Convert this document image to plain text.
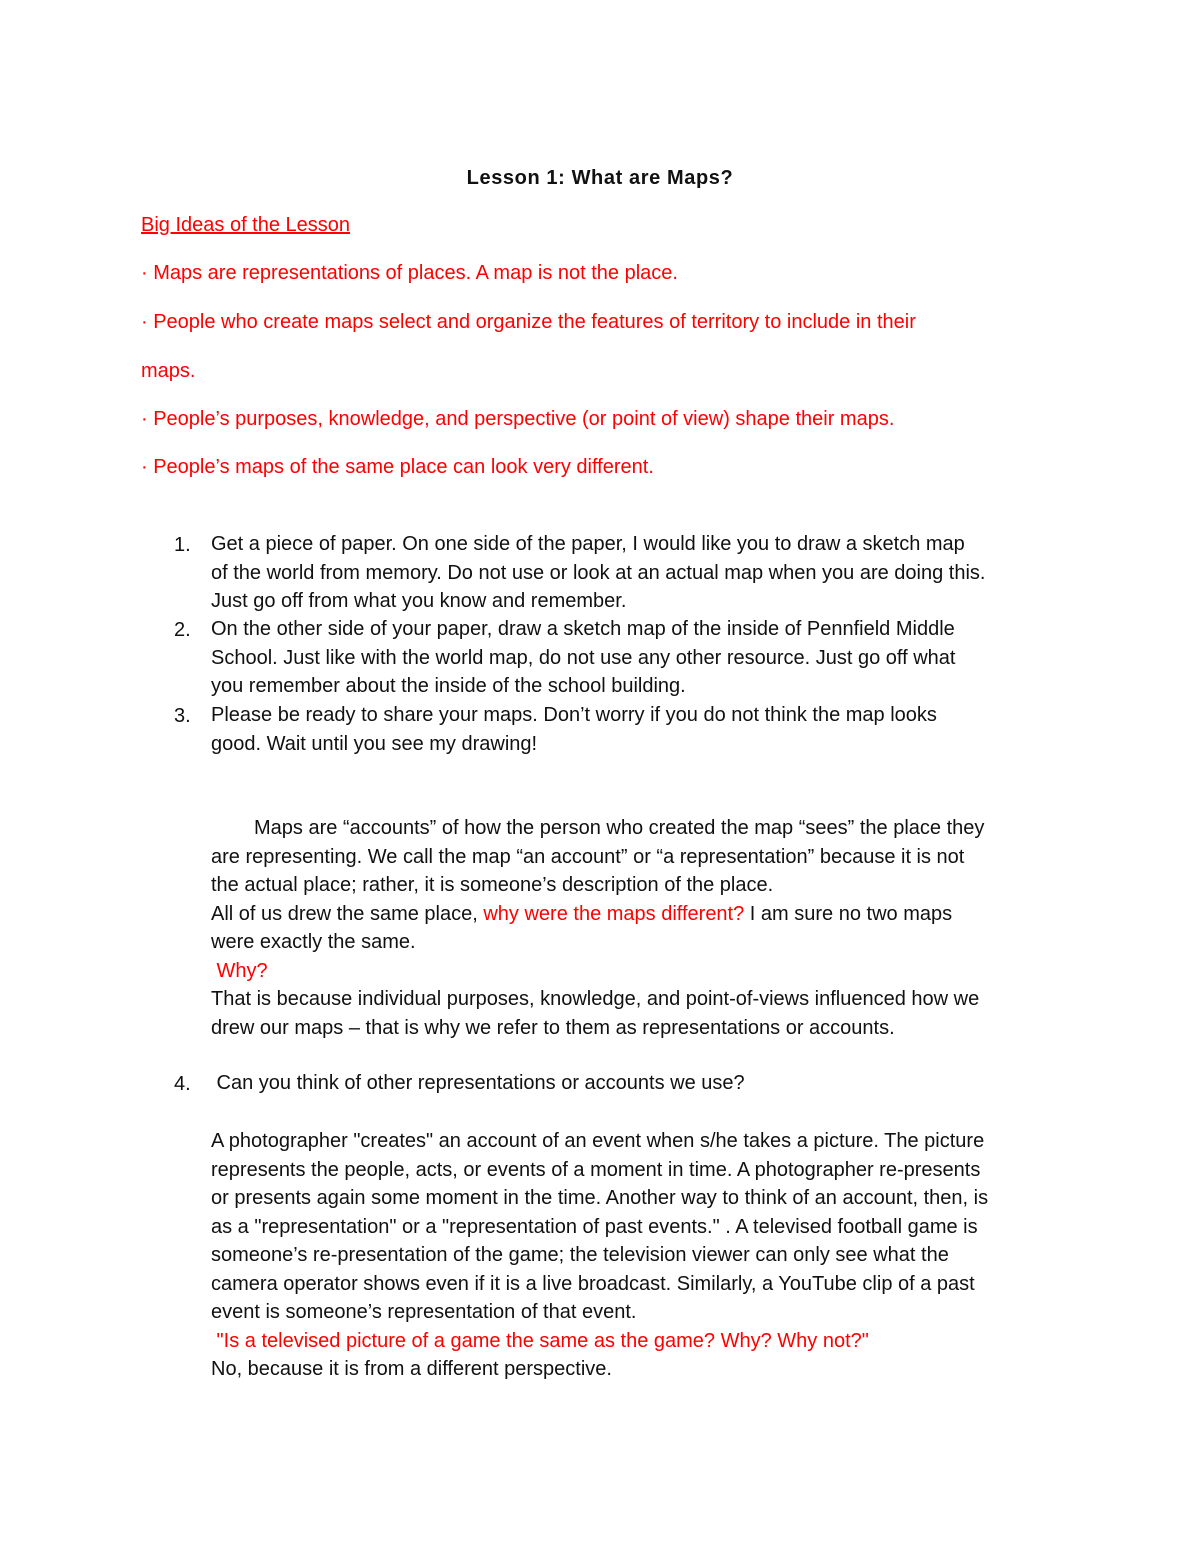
Lesson 1: What are Maps?
Big Ideas of the Lesson
· Maps are representations of places. A map is not the place.
· People who create maps select and organize the features of territory to include in their
maps.
· People’s purposes, knowledge, and perspective (or point of view) shape their maps.
· People’s maps of the same place can look very different.
1. Get a piece of paper. On one side of the paper, I would like you to draw a sketch map

of the world from memory. Do not use or look at an actual map when you are doing this.

Just go off from what you know and remember.

2. On the other side of your paper, draw a sketch map of the inside of Pennfield Middle

School. Just like with the world map, do not use any other resource. Just go off what

you remember about the inside of the school building.

3. Please be ready to share your maps. Don’t worry if you do not think the map looks

good. Wait until you see my drawing!

Maps are “accounts” of how the person who created the map “sees” the place they

are representing. We call the map “an account” or “a representation” because it is not

the actual place; rather, it is someone’s description of the place.

All of us drew the same place, why were the maps different? I am sure no two maps

were exactly the same.

Why?

That is because individual purposes, knowledge, and point-of-views influenced how we

drew our maps – that is why we refer to them as representations or accounts.

4. Can you think of other representations or accounts we use?

A photographer "creates" an account of an event when s/he takes a picture. The picture

represents the people, acts, or events of a moment in time. A photographer re-presents

or presents again some moment in the time. Another way to think of an account, then, is

as a "representation" or a "representation of past events." . A televised football game is

someone’s re-presentation of the game; the television viewer can only see what the

camera operator shows even if it is a live broadcast. Similarly, a YouTube clip of a past

event is someone’s representation of that event.

"Is a televised picture of a game the same as the game? Why? Why not?"

No, because it is from a different perspective.
